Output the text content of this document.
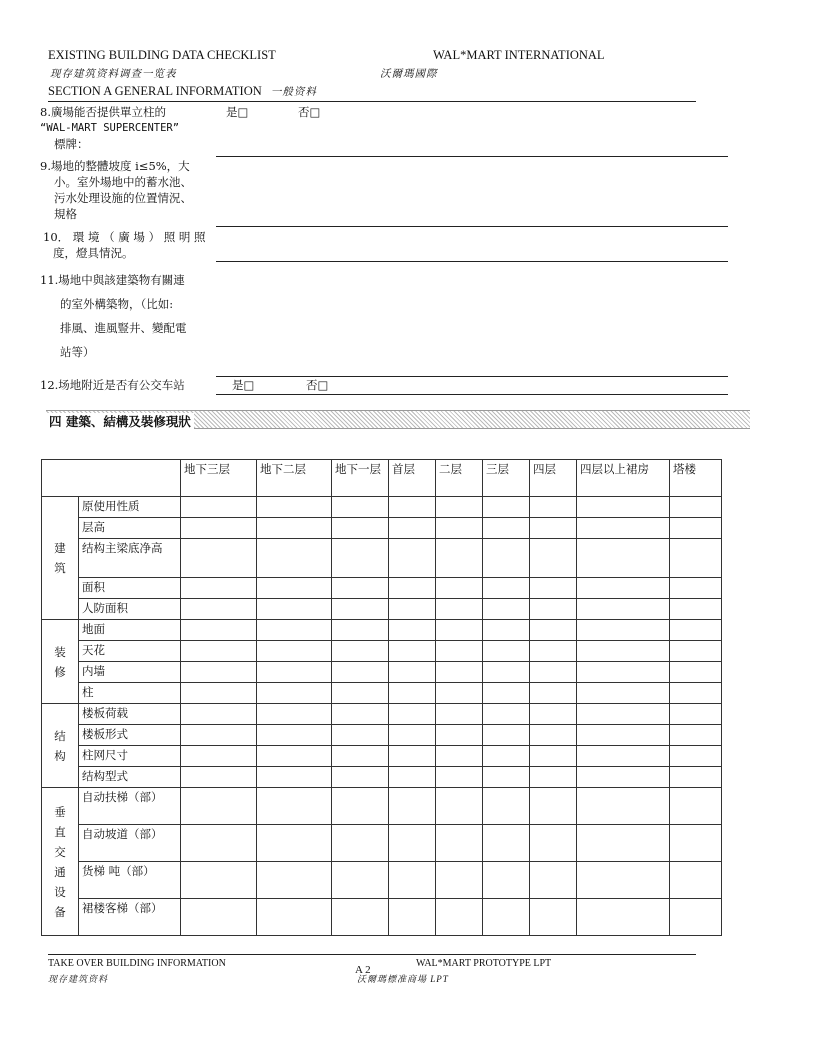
EXISTING BUILDING DATA CHECKLIST	WAL*MART INTERNATIONAL
现存建筑资料调查一览表	沃爾瑪國際
SECTION A GENERAL INFORMATION 一般资料
8.廣場能否提供單立柱的
“WAL-MART SUPERCENTER”
標牌：
是□	否□
9.場地的整體坡度 i≤5%，大
小。室外場地中的蓄水池、
污水处理设施的位置情況、
規格
10． 環 境 （ 廣 場 ） 照 明 照
度，燈具情況。
11.場地中與該建築物有關連
的室外構築物，（比如:
排風、進風豎井、變配電
站等）
12.场地附近是否有公交车站	是□	否□
四 建築、結構及裝修現狀
		地下三层	地下二层	地下一层	首层	二层	三层	四层	四层以上裙房	塔楼
建筑	原使用性质									
	层高									
	结构主梁底净高									
	面积									
	人防面积									
装修	地面									
	天花									
	内墙									
	柱									
结构	楼板荷载									
	楼板形式									
	柱网尺寸									
	结构型式									
垂直交通设备	自动扶梯（部）									
	自动坡道（部）									
	货梯 吨（部）									
	裙楼客梯（部）									
TAKE OVER BUILDING INFORMATION
现存建筑资料
A 2
WAL*MART PROTOTYPE LPT
沃爾瑪標准商場 LPT
